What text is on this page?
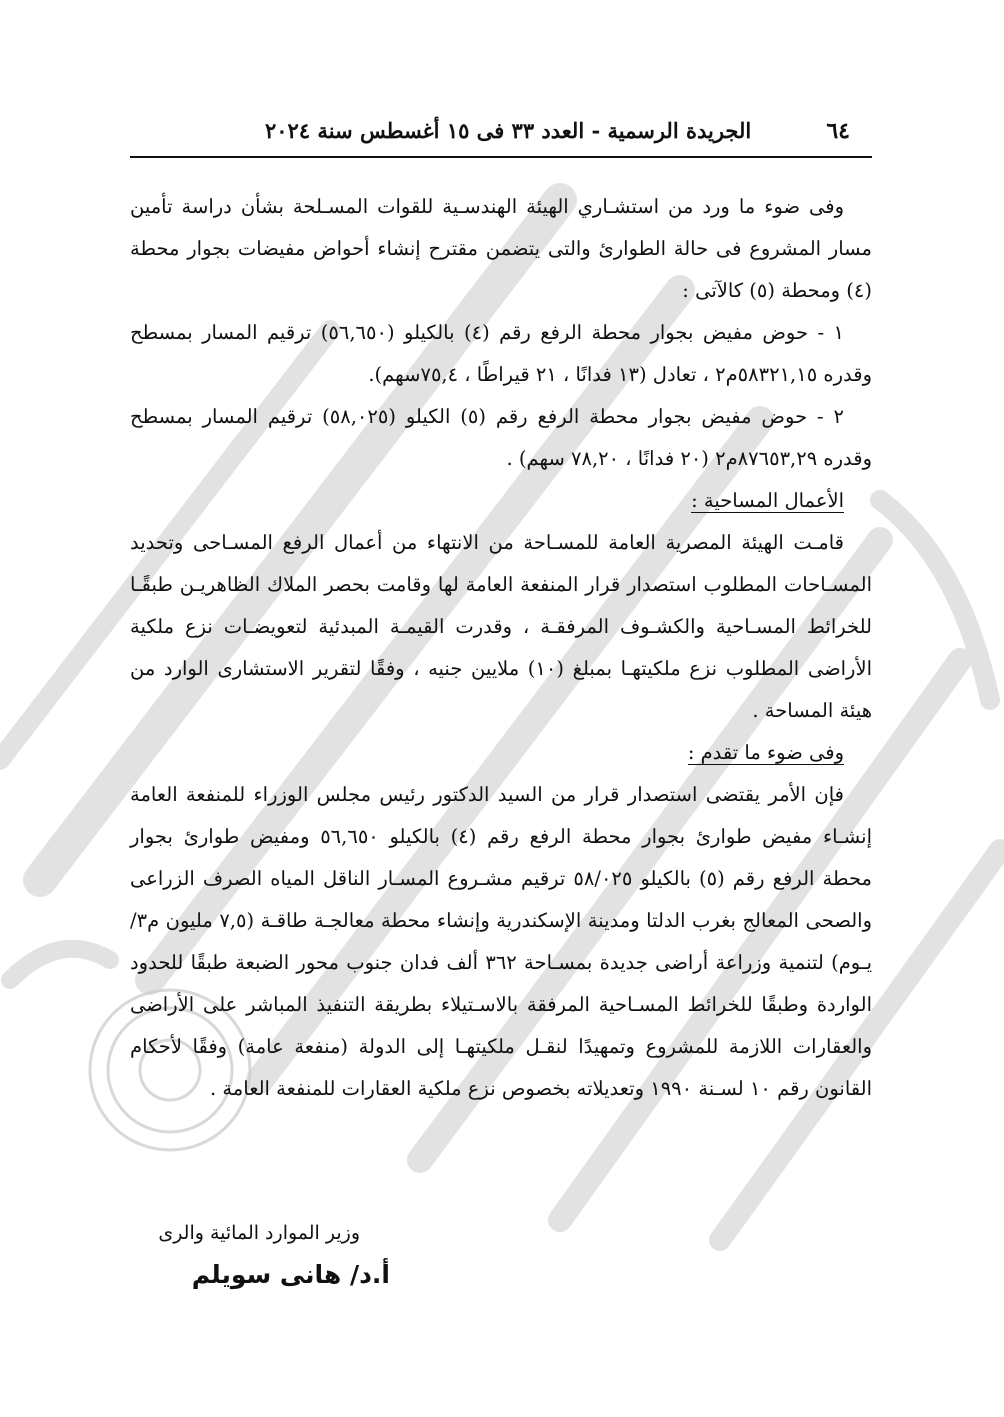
٦٤
الجريدة الرسمية - العدد ٣٣ فى ١٥ أغسطس سنة ٢٠٢٤

وفى ضوء ما ورد من استشـاري الهيئة الهندسـية للقوات المسـلحة بشأن دراسة تأمين مسار المشروع فى حالة الطوارئ والتى يتضمن مقترح إنشاء أحواض مفيضات بجوار محطة (٤) ومحطة (٥) كالآتى :

١ - حوض مفيض بجوار محطة الرفع رقم (٤) بالكيلو (٥٦,٦٥٠) ترقيم المسار بمسطح وقدره ٥٨٣٢١,١٥م٢ ، تعادل (١٣ فدانًا ، ٢١ قيراطًا ، ٧٥,٤سهم).

٢ - حوض مفيض بجوار محطة الرفع رقم (٥) الكيلو (٥٨,٠٢٥) ترقيم المسار بمسطح وقدره ٨٧٦٥٣,٢٩م٢ (٢٠ فدانًا ، ٧٨,٢٠ سهم) .

الأعمال المساحية :

قامـت الهيئة المصرية العامة للمسـاحة من الانتهاء من أعمال الرفع المسـاحى وتحديد المسـاحات المطلوب استصدار قرار المنفعة العامة لها وقامت بحصر الملاك الظاهريـن طبقًـا للخرائط المسـاحية والكشـوف المرفقـة ، وقدرت القيمـة المبدئية لتعويضـات نزع ملكية الأراضى المطلوب نزع ملكيتهـا بمبلغ (١٠) ملايين جنيه ، وفقًا لتقرير الاستشارى الوارد من هيئة المساحة .

وفى ضوء ما تقدم :

فإن الأمر يقتضى استصدار قرار من السيد الدكتور رئيس مجلس الوزراء للمنفعة العامة إنشـاء مفيض طوارئ بجوار محطة الرفع رقم (٤) بالكيلو ٥٦,٦٥٠ ومفيض طوارئ بجوار محطة الرفع رقم (٥) بالكيلو ٥٨/٠٢٥ ترقيم مشـروع المسـار الناقل المياه الصرف الزراعى والصحى المعالج بغرب الدلتا ومدينة الإسكندرية وإنشاء محطة معالجـة طاقـة (٧,٥ مليون م٣/يـوم) لتنمية وزراعة أراضى جديدة بمسـاحة ٣٦٢ ألف فدان جنوب محور الضبعة طبقًا للحدود الواردة وطبقًا للخرائط المسـاحية المرفقة بالاسـتيلاء بطريقة التنفيذ المباشر على الأراضى والعقارات اللازمة للمشروع وتمهيدًا لنقـل ملكيتهـا إلى الدولة (منفعة عامة) وفقًا لأحكام القانون رقم ١٠ لسـنة ١٩٩٠ وتعديلاته بخصوص نزع ملكية العقارات للمنفعة العامة .

وزير الموارد المائية والرى
أ.د/ هانى سويلم
